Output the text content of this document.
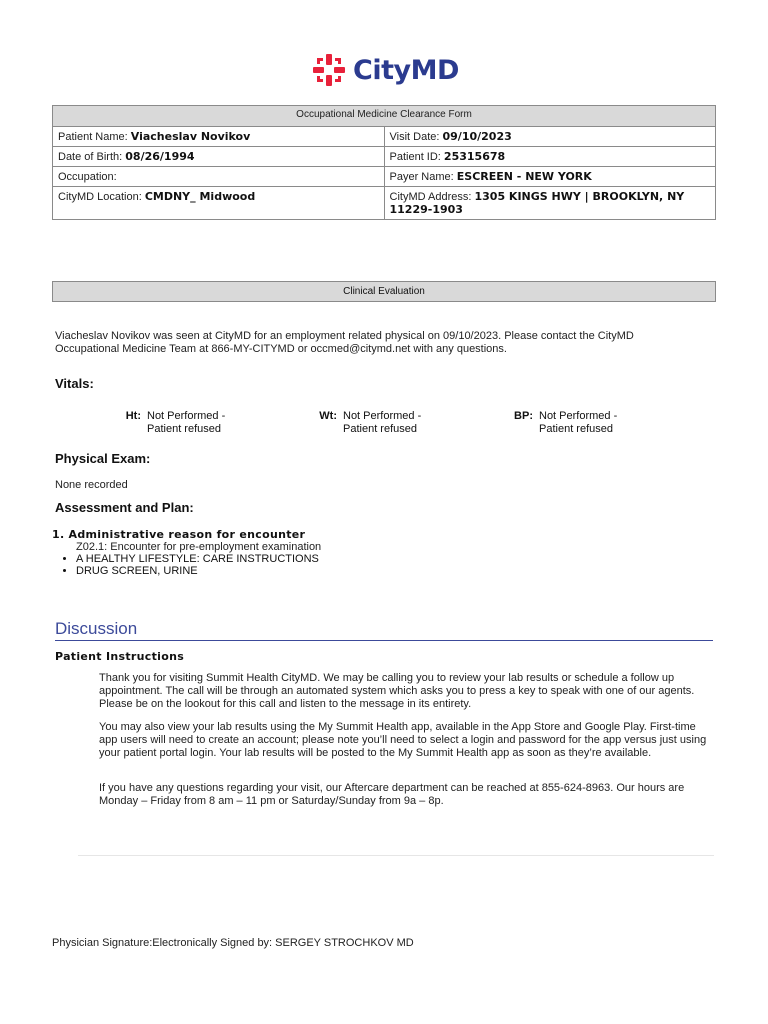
CityMD
Occupational Medicine Clearance Form	
Patient Name: Viacheslav Novikov	Visit Date: 09/10/2023
Date of Birth: 08/26/1994	Patient ID: 25315678
Occupation:	Payer Name: ESCREEN - NEW YORK
CityMD Location: CMDNY_ Midwood	CityMD Address: 1305 KINGS HWY | BROOKLYN, NY 11229-1903
Clinical Evaluation
Viacheslav Novikov was seen at CityMD for an employment related physical on 09/10/2023. Please contact the CityMD Occupational Medicine Team at 866-MY-CITYMD or occmed@citymd.net with any questions.
Vitals:
Ht: Not Performed -
Patient refused
Wt: Not Performed -
Patient refused
BP: Not Performed -
Patient refused
Physical Exam:
None recorded
Assessment and Plan:
1. Administrative reason for encounter
Z02.1: Encounter for pre-employment examination
• A HEALTHY LIFESTYLE: CARE INSTRUCTIONS
• DRUG SCREEN, URINE
Discussion
Patient Instructions
Thank you for visiting Summit Health CityMD. We may be calling you to review your lab results or schedule a follow up appointment. The call will be through an automated system which asks you to press a key to speak with one of our agents. Please be on the lookout for this call and listen to the message in its entirety.
You may also view your lab results using the My Summit Health app, available in the App Store and Google Play. First-time app users will need to create an account; please note you’ll need to select a login and password for the app versus just using your patient portal login. Your lab results will be posted to the My Summit Health app as soon as they’re available.
If you have any questions regarding your visit, our Aftercare department can be reached at 855-624-8963. Our hours are Monday – Friday from 8 am – 11 pm or Saturday/Sunday from 9a – 8p.
Physician Signature:Electronically Signed by: SERGEY STROCHKOV MD
